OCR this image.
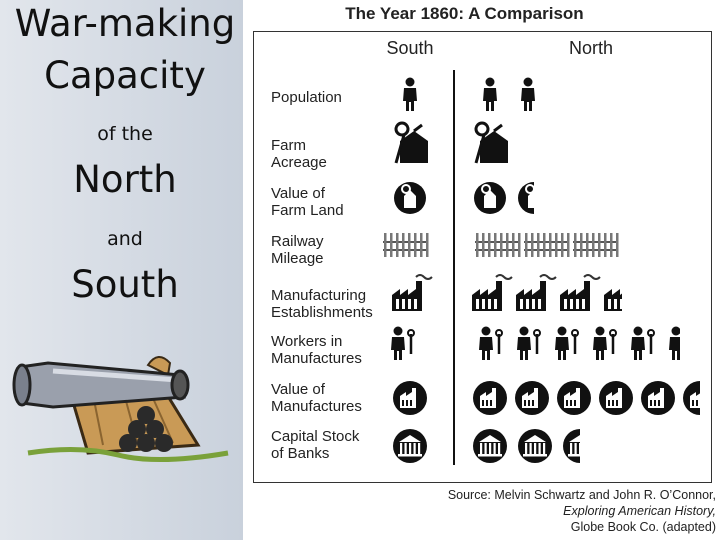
War-making
Capacity
of the
North
and
South
The Year 1860: A Comparison
South	North
Population
Farm
Acreage
Value of
Farm Land
Railway
Mileage
Manufacturing
Establishments
Workers in
Manufactures
Value of
Manufactures
Capital Stock
of Banks
Source: Melvin Schwartz and John R. O’Connor,
Exploring American History,
Globe Book Co. (adapted)
